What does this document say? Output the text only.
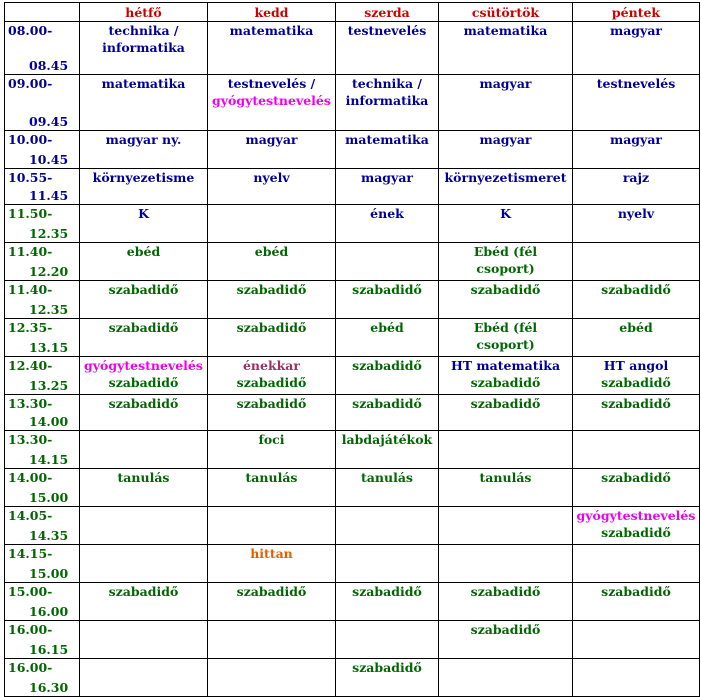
	hétfő	kedd	szerda	csütörtök	péntek

08.00-
08.45	technika /
informatika	matematika	testnevelés	matematika	magyar

09.00-
09.45	matematika	testnevelés /
gyógytestnevelés	technika /
informatika	magyar	testnevelés

10.00-
10.45	magyar ny.	magyar	matematika	magyar	magyar

10.55-
11.45	környezetisme	nyelv	magyar	környezetismeret	rajz

11.50-
12.35	K		ének	K	nyelv

11.40-
12.20	ebéd	ebéd		Ebéd (fél
csoport)	

11.40-
12.35	szabadidő	szabadidő	szabadidő	szabadidő	szabadidő

12.35-
13.15	szabadidő	szabadidő	ebéd	Ebéd (fél
csoport)	ebéd

12.40-
13.25	gyógytestnevelés
szabadidő	énekkar
szabadidő	szabadidő	HT matematika
szabadidő	HT angol
szabadidő

13.30-
14.00	szabadidő	szabadidő	szabadidő	szabadidő	szabadidő

13.30-
14.15		foci	labdajátékok		

14.00-
15.00	tanulás	tanulás	tanulás	tanulás	szabadidő

14.05-
14.35					gyógytestnevelés
szabadidő

14.15-
15.00		hittan			

15.00-
16.00	szabadidő	szabadidő	szabadidő	szabadidő	szabadidő

16.00-
16.15				szabadidő	

16.00-
16.30			szabadidő		
